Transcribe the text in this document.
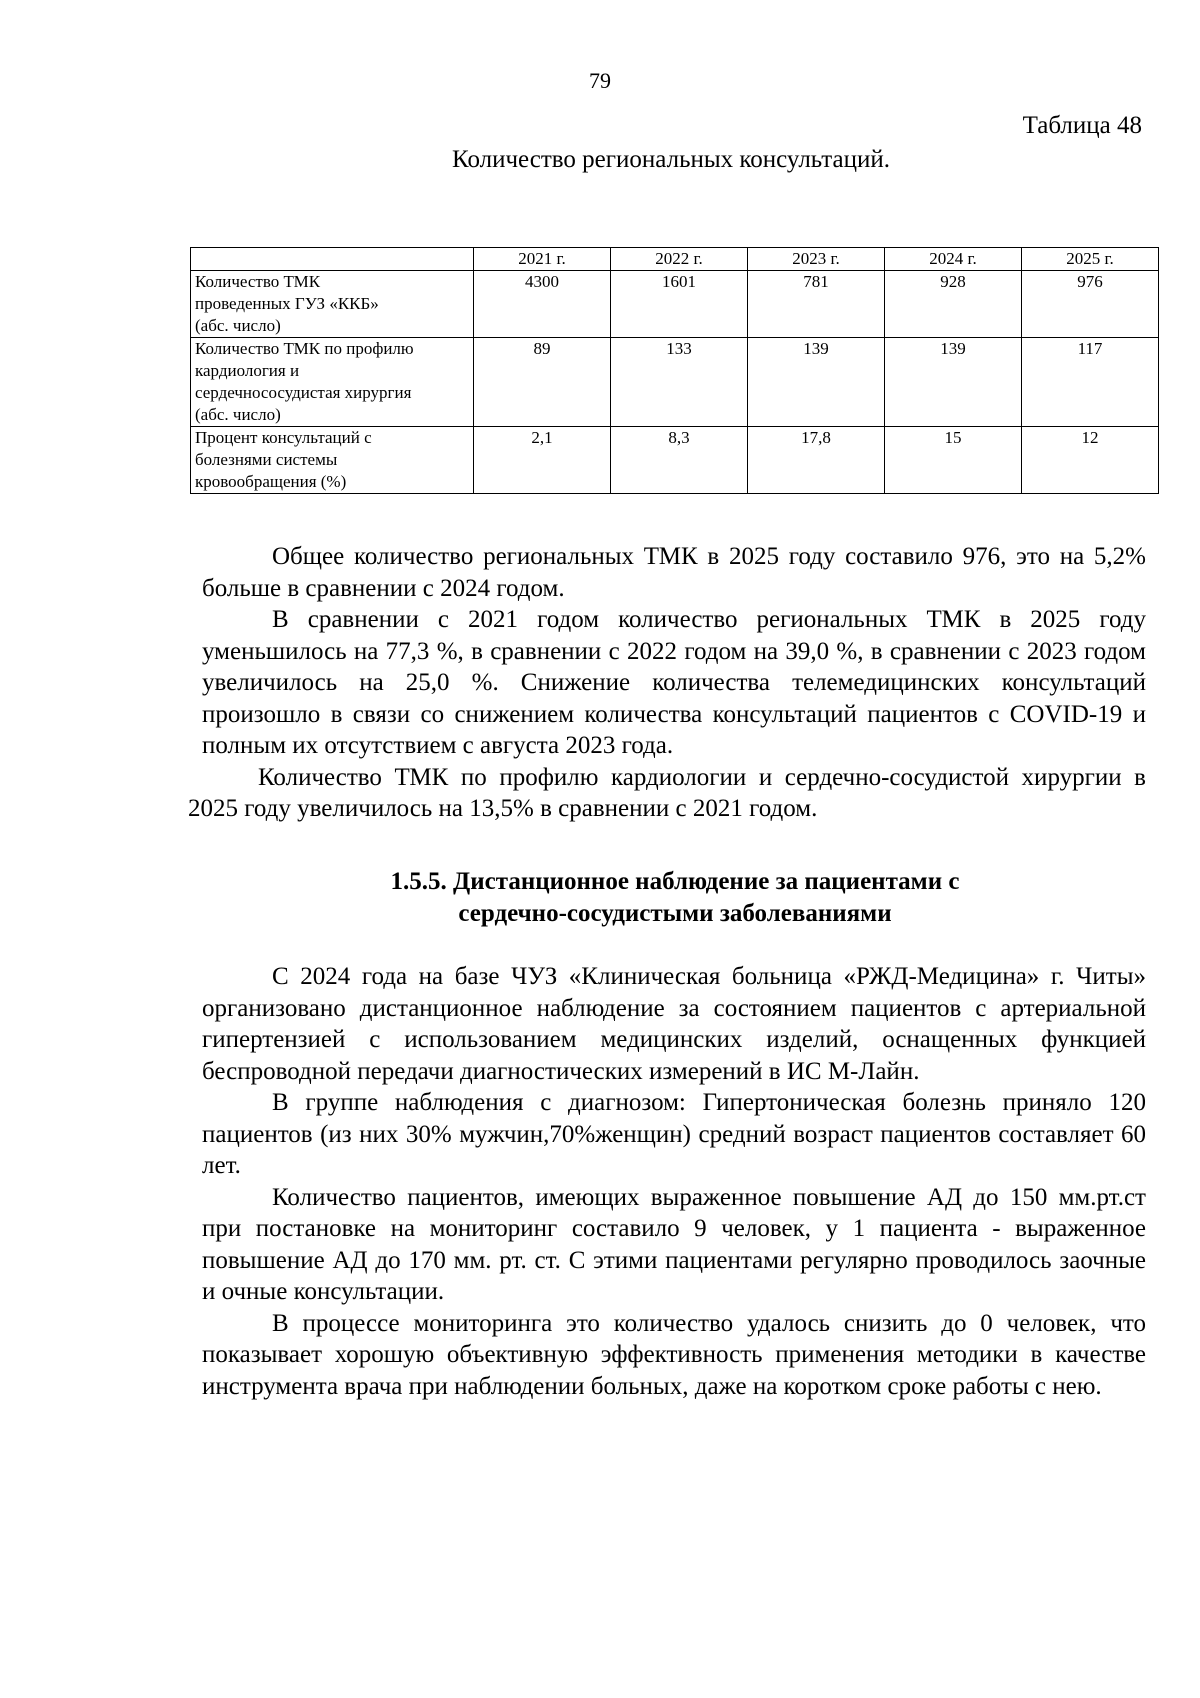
79
Таблица 48
Количество региональных консультаций.
	2021 г.	2022 г.	2023 г.	2024 г.	2025 г.

Количество ТМК
проведенных ГУЗ «ККБ»
(абс. число)	4300	1601	781	928	976

Количество ТМК по профилю
кардиология и
сердечнососудистая хирургия
(абс. число)	89	133	139	139	117

Процент консультаций с
болезнями системы
кровообращения (%)	2,1	8,3	17,8	15	12

Общее количество региональных ТМК в 2025 году составило 976, это на 5,2% больше в сравнении с 2024 годом.

В сравнении с 2021 годом количество региональных ТМК в 2025 году уменьшилось на 77,3 %, в сравнении с 2022 годом на 39,0 %, в сравнении с 2023 годом увеличилось на 25,0 %. Снижение количества телемедицинских консультаций произошло в связи со снижением количества консультаций пациентов с COVID-19 и полным их отсутствием с августа 2023 года.

Количество ТМК по профилю кардиологии и сердечно-сосудистой хирургии в 2025 году увеличилось на 13,5% в сравнении с 2021 годом.

1.5.5. Дистанционное наблюдение за пациентами с
сердечно-сосудистыми заболеваниями

С 2024 года на базе ЧУЗ «Клиническая больница «РЖД-Медицина» г. Читы» организовано дистанционное наблюдение за состоянием пациентов с артериальной гипертензией с использованием медицинских изделий, оснащенных функцией беспроводной передачи диагностических измерений в ИС М-Лайн.

В группе наблюдения с диагнозом: Гипертоническая болезнь приняло 120 пациентов (из них 30% мужчин,70%женщин) средний возраст пациентов составляет 60 лет.

Количество пациентов, имеющих выраженное повышение АД до 150 мм.рт.ст при постановке на мониторинг составило 9 человек, у 1 пациента - выраженное повышение АД до 170 мм. рт. ст. С этими пациентами регулярно проводилось заочные и очные консультации.

В процессе мониторинга это количество удалось снизить до 0 человек, что показывает хорошую объективную эффективность применения методики в качестве инструмента врача при наблюдении больных, даже на коротком сроке работы с нею.
